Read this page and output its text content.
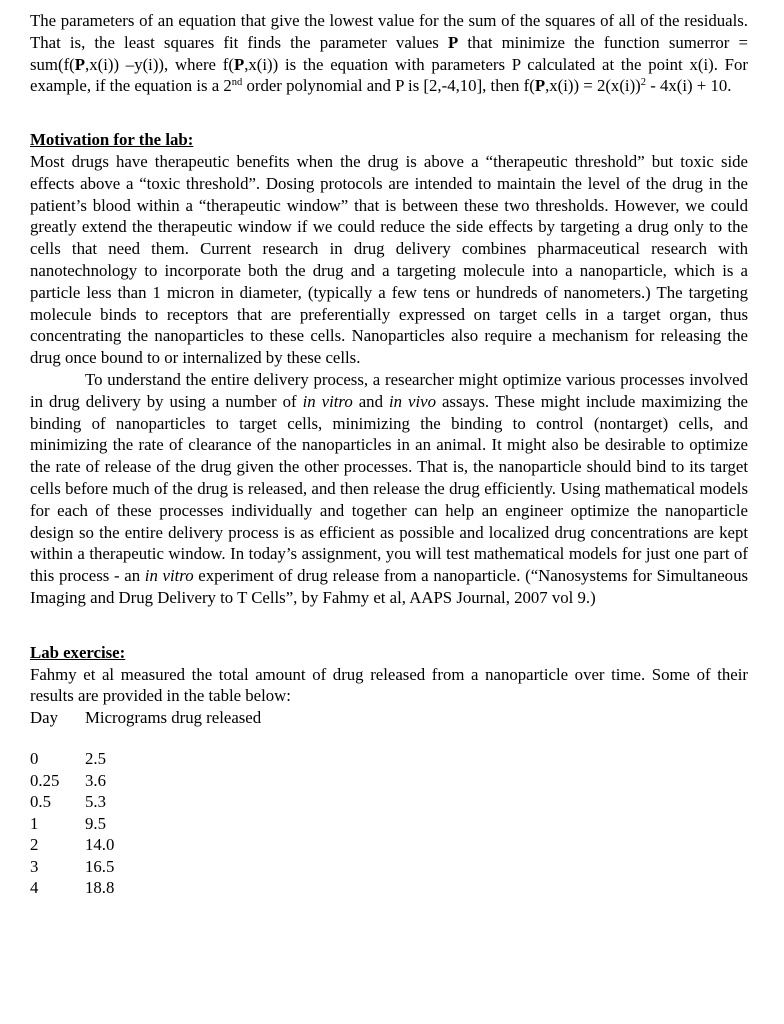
The parameters of an equation that give the lowest value for the sum of the squares of all of the residuals. That is, the least squares fit finds the parameter values P that minimize the function sumerror = sum(f(P,x(i)) –y(i)), where f(P,x(i)) is the equation with parameters P calculated at the point x(i). For example, if the equation is a 2nd order polynomial and P is [2,-4,10], then $f(P,x(i)) = 2(x(i))^2 - 4x(i) + 10$.

Motivation for the lab:

Most drugs have therapeutic benefits when the drug is above a “therapeutic threshold” but toxic side effects above a “toxic threshold”. Dosing protocols are intended to maintain the level of the drug in the patient’s blood within a “therapeutic window” that is between these two thresholds. However, we could greatly extend the therapeutic window if we could reduce the side effects by targeting a drug only to the cells that need them. Current research in drug delivery combines pharmaceutical research with nanotechnology to incorporate both the drug and a targeting molecule into a nanoparticle, which is a particle less than 1 micron in diameter, (typically a few tens or hundreds of nanometers.) The targeting molecule binds to receptors that are preferentially expressed on target cells in a target organ, thus concentrating the nanoparticles to these cells. Nanoparticles also require a mechanism for releasing the drug once bound to or internalized by these cells.

To understand the entire delivery process, a researcher might optimize various processes involved in drug delivery by using a number of in vitro and in vivo assays. These might include maximizing the binding of nanoparticles to target cells, minimizing the binding to control (nontarget) cells, and minimizing the rate of clearance of the nanoparticles in an animal. It might also be desirable to optimize the rate of release of the drug given the other processes. That is, the nanoparticle should bind to its target cells before much of the drug is released, and then release the drug efficiently. Using mathematical models for each of these processes individually and together can help an engineer optimize the nanoparticle design so the entire delivery process is as efficient as possible and localized drug concentrations are kept within a therapeutic window. In today’s assignment, you will test mathematical models for just one part of this process - an in vitro experiment of drug release from a nanoparticle. (“Nanosystems for Simultaneous Imaging and Drug Delivery to T Cells”, by Fahmy et al, AAPS Journal, 2007 vol 9.)

Lab exercise:

Fahmy et al measured the total amount of drug released from a nanoparticle over time. Some of their results are provided in the table below:

Day	Micrograms drug released
0	2.5
0.25	3.6
0.5	5.3
1	9.5
2	14.0
3	16.5
4	18.8
